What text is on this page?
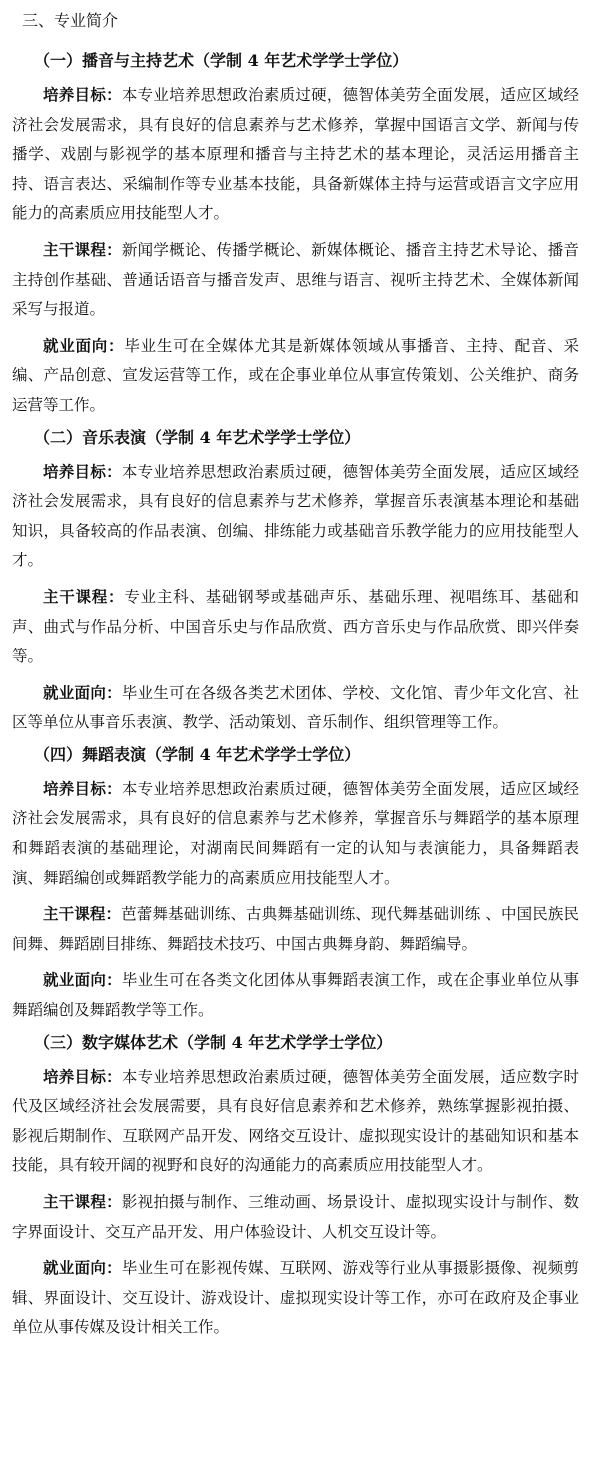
三、专业简介
（一）播音与主持艺术（学制 4 年艺术学学士学位）

培养目标：本专业培养思想政治素质过硬，德智体美劳全面发展，适应区域经济社会发展需求，具有良好的信息素养与艺术修养，掌握中国语言文学、新闻与传播学、戏剧与影视学的基本原理和播音与主持艺术的基本理论，灵活运用播音主持、语言表达、采编制作等专业基本技能，具备新媒体主持与运营或语言文字应用能力的高素质应用技能型人才。

主干课程：新闻学概论、传播学概论、新媒体概论、播音主持艺术导论、播音主持创作基础、普通话语音与播音发声、思维与语言、视听主持艺术、全媒体新闻采写与报道。

就业面向：毕业生可在全媒体尤其是新媒体领域从事播音、主持、配音、采编、产品创意、宣发运营等工作，或在企事业单位从事宣传策划、公关维护、商务运营等工作。

（二）音乐表演（学制 4 年艺术学学士学位）

培养目标：本专业培养思想政治素质过硬，德智体美劳全面发展，适应区域经济社会发展需求，具有良好的信息素养与艺术修养，掌握音乐表演基本理论和基础知识，具备较高的作品表演、创编、排练能力或基础音乐教学能力的应用技能型人才。

主干课程：专业主科、基础钢琴或基础声乐、基础乐理、视唱练耳、基础和声、曲式与作品分析、中国音乐史与作品欣赏、西方音乐史与作品欣赏、即兴伴奏等。

就业面向：毕业生可在各级各类艺术团体、学校、文化馆、青少年文化宫、社区等单位从事音乐表演、教学、活动策划、音乐制作、组织管理等工作。

（四）舞蹈表演（学制 4 年艺术学学士学位）

培养目标：本专业培养思想政治素质过硬，德智体美劳全面发展，适应区域经济社会发展需求，具有良好的信息素养与艺术修养，掌握音乐与舞蹈学的基本原理和舞蹈表演的基础理论，对湖南民间舞蹈有一定的认知与表演能力，具备舞蹈表演、舞蹈编创或舞蹈教学能力的高素质应用技能型人才。

主干课程：芭蕾舞基础训练、古典舞基础训练、现代舞基础训练 、中国民族民间舞、舞蹈剧目排练、舞蹈技术技巧、中国古典舞身韵、舞蹈编导。

就业面向：毕业生可在各类文化团体从事舞蹈表演工作，或在企事业单位从事舞蹈编创及舞蹈教学等工作。

（三）数字媒体艺术（学制 4 年艺术学学士学位）

培养目标：本专业培养思想政治素质过硬，德智体美劳全面发展，适应数字时代及区域经济社会发展需要，具有良好信息素养和艺术修养，熟练掌握影视拍摄、影视后期制作、互联网产品开发、网络交互设计、虚拟现实设计的基础知识和基本技能，具有较开阔的视野和良好的沟通能力的高素质应用技能型人才。

主干课程：影视拍摄与制作、三维动画、场景设计、虚拟现实设计与制作、数字界面设计、交互产品开发、用户体验设计、人机交互设计等。

就业面向：毕业生可在影视传媒、互联网、游戏等行业从事摄影摄像、视频剪辑、界面设计、交互设计、游戏设计、虚拟现实设计等工作，亦可在政府及企事业单位从事传媒及设计相关工作。
